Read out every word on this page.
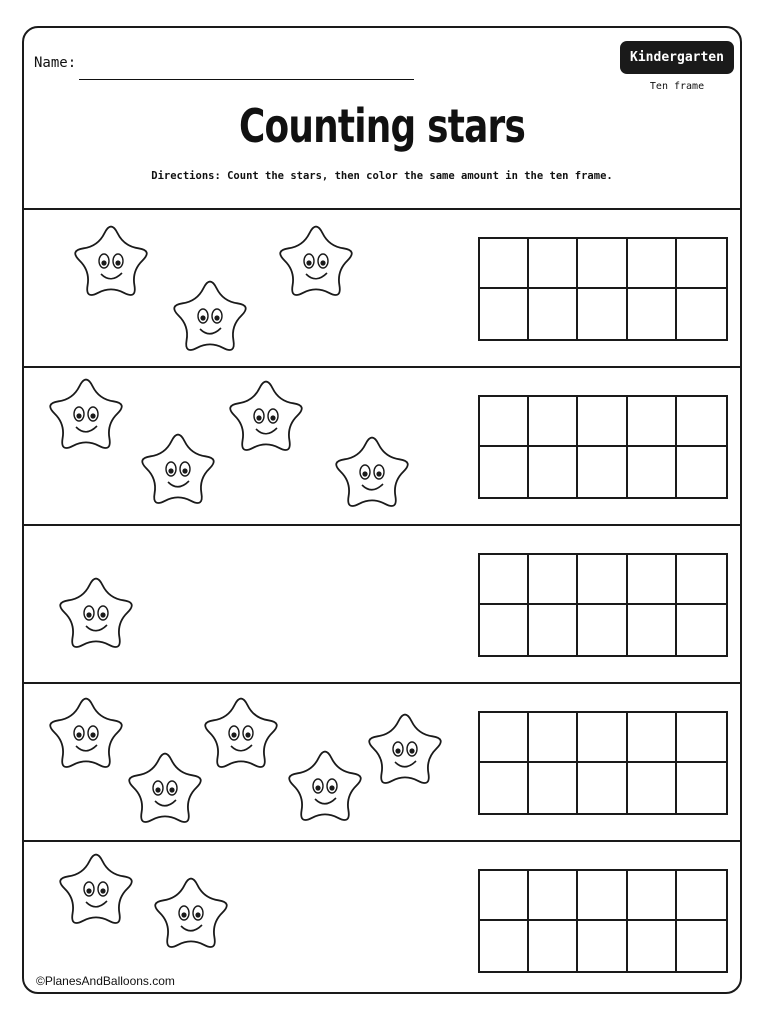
Name:	Kindergarten
Ten frame
Counting stars
Directions: Count the stars, then color the same amount in the ten frame.
©PlanesAndBalloons.com
